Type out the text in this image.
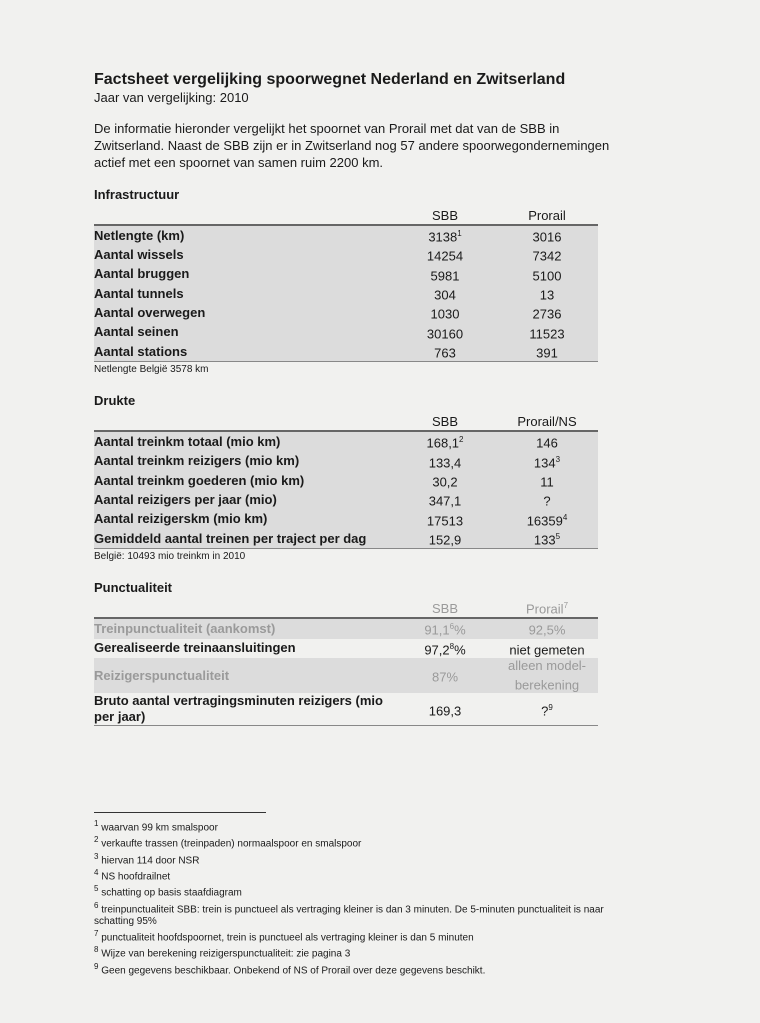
Factsheet vergelijking spoorwegnet Nederland en Zwitserland

Jaar van vergelijking: 2010

De informatie hieronder vergelijkt het spoornet van Prorail met dat van de SBB in Zwitserland. Naast de SBB zijn er in Zwitserland nog 57 andere spoorwegondernemingen actief met een spoornet van samen ruim 2200 km.

Infrastructuur
	SBB	Prorail
Netlengte (km)	3138$^1$	3016
Aantal wissels	14254	7342
Aantal bruggen	5981	5100
Aantal tunnels	304	13
Aantal overwegen	1030	2736
Aantal seinen	30160	11523
Aantal stations	763	391

Netlengte België 3578 km

Drukte
	SBB	Prorail/NS
Aantal treinkm totaal (mio km)	168,1$^2$	146
Aantal treinkm reizigers (mio km)	133,4	$134^3$
Aantal treinkm goederen (mio km)	30,2	11
Aantal reizigers per jaar (mio)	347,1	?
Aantal reizigerskm (mio km)	17513	16359$^4$
Gemiddeld aantal treinen per traject per dag	152,9	$133^5$

België: 10493 mio treinkm in 2010

Punctualiteit
	SBB	Prorail$^7$
Treinpunctualiteit (aankomst)	91,1$^6$%	92,5%
Gerealiseerde treinaansluitingen	97,2$^8$%	niet gemeten
Reizigerspunctualiteit	87%	alleen model-berekening
Bruto aantal vertragingsminuten reizigers (mio per jaar)	169,3	?$^9$
$^1$ waarvan 99 km smalspoor
$^2$ verkaufte trassen (treinpaden) normaalspoor en smalspoor
$^3$ hiervan 114 door NSR
$^4$ NS hoofdrailnet
$^5$ schatting op basis staafdiagram
$^6$ treinpunctualiteit SBB: trein is punctueel als vertraging kleiner is dan 3 minuten. De 5-minuten punctualiteit is naar schatting 95%
$^7$ punctualiteit hoofdspoornet, trein is punctueel als vertraging kleiner is dan 5 minuten
$^8$ Wijze van berekening reizigerspunctualiteit: zie pagina 3
$^9$ Geen gegevens beschikbaar. Onbekend of NS of Prorail over deze gegevens beschikt.
